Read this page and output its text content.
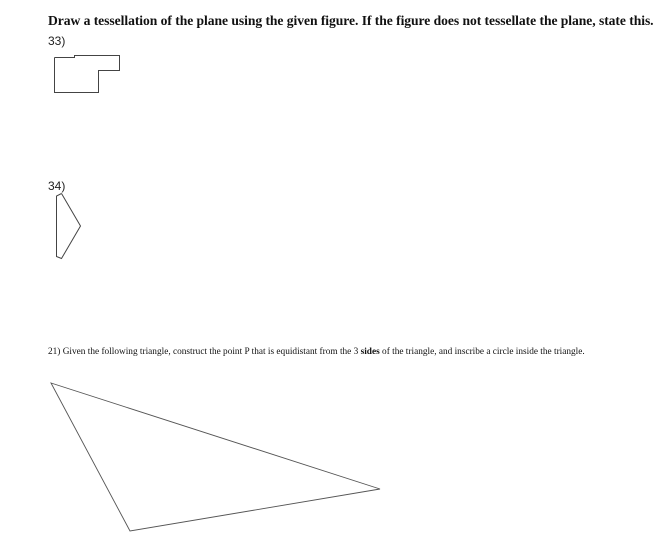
Draw a tessellation of the plane using the given figure. If the figure does not tessellate the plane, state this.
33)
34)
21) Given the following triangle, construct the point P that is equidistant from the 3 sides of the triangle, and inscribe a circle inside the triangle.
